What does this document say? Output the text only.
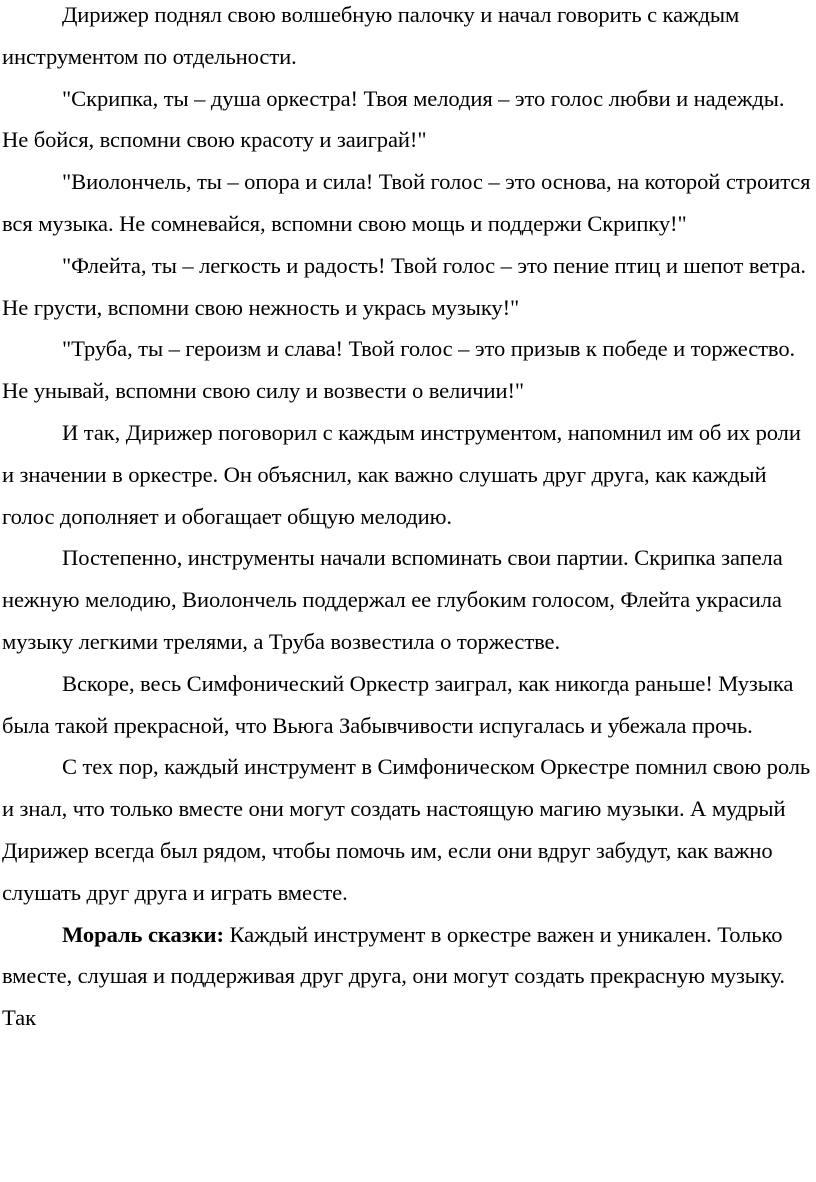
Дирижер поднял свою волшебную палочку и начал говорить с каждым инструментом по отдельности.

"Скрипка, ты – душа оркестра! Твоя мелодия – это голос любви и надежды. Не бойся, вспомни свою красоту и заиграй!"

"Виолончель, ты – опора и сила! Твой голос – это основа, на которой строится вся музыка. Не сомневайся, вспомни свою мощь и поддержи Скрипку!"

"Флейта, ты – легкость и радость! Твой голос – это пение птиц и шепот ветра. Не грусти, вспомни свою нежность и укрась музыку!"

"Труба, ты – героизм и слава! Твой голос – это призыв к победе и торжество. Не унывай, вспомни свою силу и возвести о величии!"

И так, Дирижер поговорил с каждым инструментом, напомнил им об их роли и значении в оркестре. Он объяснил, как важно слушать друг друга, как каждый голос дополняет и обогащает общую мелодию.

Постепенно, инструменты начали вспоминать свои партии. Скрипка запела нежную мелодию, Виолончель поддержал ее глубоким голосом, Флейта украсила музыку легкими трелями, а Труба возвестила о торжестве.

Вскоре, весь Симфонический Оркестр заиграл, как никогда раньше! Музыка была такой прекрасной, что Вьюга Забывчивости испугалась и убежала прочь.

С тех пор, каждый инструмент в Симфоническом Оркестре помнил свою роль и знал, что только вместе они могут создать настоящую магию музыки. А мудрый Дирижер всегда был рядом, чтобы помочь им, если они вдруг забудут, как важно слушать друг друга и играть вместе.

Мораль сказки: Каждый инструмент в оркестре важен и уникален. Только вместе, слушая и поддерживая друг друга, они могут создать прекрасную музыку. Так
